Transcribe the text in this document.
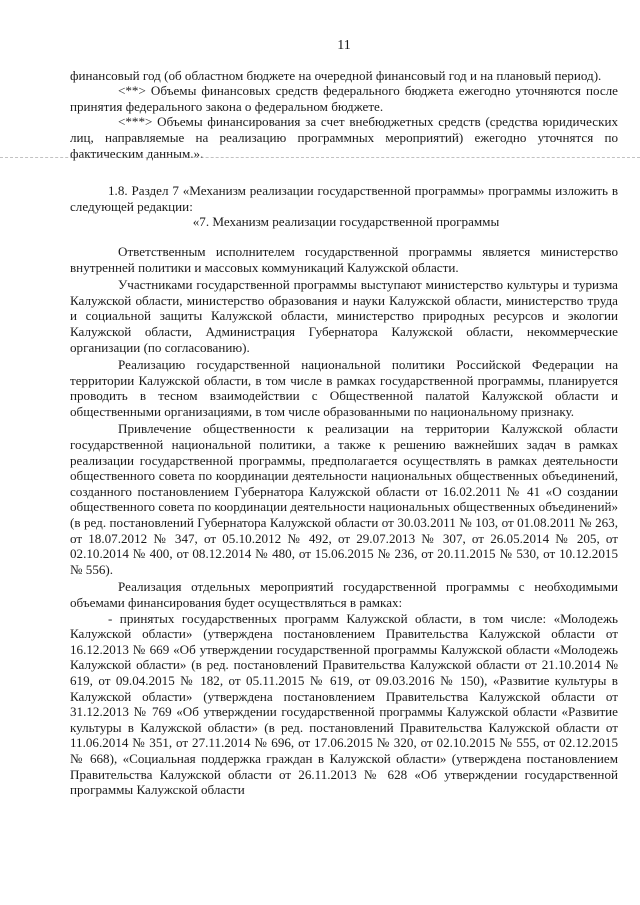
11

финансовый год (об областном бюджете на очередной финансовый год и на плановый период).

<**> Объемы финансовых средств федерального бюджета ежегодно уточняются после принятия федерального закона о федеральном бюджете.

<***> Объемы финансирования за счет внебюджетных средств (средства юридических лиц, направляемые на реализацию программных мероприятий) ежегодно уточнятся по фактическим данным.».

1.8. Раздел 7 «Механизм реализации государственной программы» программы изложить в следующей редакции:

«7. Механизм реализации государственной программы

Ответственным исполнителем государственной программы является министерство внутренней политики и массовых коммуникаций Калужской области.

Участниками государственной программы выступают министерство культуры и туризма Калужской области, министерство образования и науки Калужской области, министерство труда и социальной защиты Калужской области, министерство природных ресурсов и экологии Калужской области, Администрация Губернатора Калужской области, некоммерческие организации (по согласованию).

Реализацию государственной национальной политики Российской Федерации на территории Калужской области, в том числе в рамках государственной программы, планируется проводить в тесном взаимодействии с Общественной палатой Калужской области и общественными организациями, в том числе образованными по национальному признаку.

Привлечение общественности к реализации на территории Калужской области государственной национальной политики, а также к решению важнейших задач в рамках реализации государственной программы, предполагается осуществлять в рамках деятельности общественного совета по координации деятельности национальных общественных объединений, созданного постановлением Губернатора Калужской области от 16.02.2011 № 41 «О создании общественного совета по координации деятельности национальных общественных объединений» (в ред. постановлений Губернатора Калужской области от 30.03.2011 № 103, от 01.08.2011 № 263, от 18.07.2012 № 347, от 05.10.2012 № 492, от 29.07.2013 № 307, от 26.05.2014 № 205, от 02.10.2014 № 400, от 08.12.2014 № 480, от 15.06.2015 № 236, от 20.11.2015 № 530, от 10.12.2015 № 556).

Реализация отдельных мероприятий государственной программы с необходимыми объемами финансирования будет осуществляться в рамках:

- принятых государственных программ Калужской области, в том числе: «Молодежь Калужской области» (утверждена постановлением Правительства Калужской области от 16.12.2013 № 669 «Об утверждении государственной программы Калужской области «Молодежь Калужской области» (в ред. постановлений Правительства Калужской области от 21.10.2014 № 619, от 09.04.2015 № 182, от 05.11.2015 № 619, от 09.03.2016 № 150), «Развитие культуры в Калужской области» (утверждена постановлением Правительства Калужской области от 31.12.2013 № 769 «Об утверждении государственной программы Калужской области «Развитие культуры в Калужской области» (в ред. постановлений Правительства Калужской области от 11.06.2014 № 351, от 27.11.2014 № 696, от 17.06.2015 № 320, от 02.10.2015 № 555, от 02.12.2015 № 668), «Социальная поддержка граждан в Калужской области» (утверждена постановлением Правительства Калужской области от 26.11.2013 № 628 «Об утверждении государственной программы Калужской области
